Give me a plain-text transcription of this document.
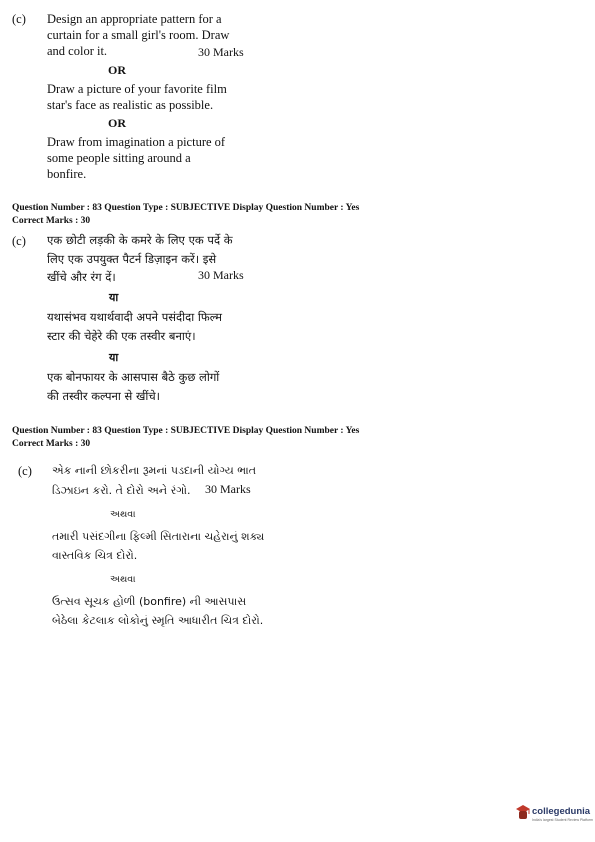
(c) Design an appropriate pattern for a
curtain for a small girl's room. Draw
and color it.	30 Marks
OR
Draw a picture of your favorite film
star's face as realistic as possible.
OR
Draw from imagination a picture of
some people sitting around a
bonfire.
Question Number : 83 Question Type : SUBJECTIVE Display Question Number : Yes
Correct Marks : 30
(c) एक छोटी लड़की के कमरे के लिए एक पर्दे के
लिए एक उपयुक्त पैटर्न डिज़ाइन करें। इसे
खींचे और रंग दें।	30 Marks
या
यथासंभव यथार्थवादी अपने पसंदीदा फिल्म
स्टार की चेहेरे की एक तस्वीर बनाएं।
या
एक बोनफायर के आसपास बैठे कुछ लोगों
की तस्वीर कल्पना से खींचे।
Question Number : 83 Question Type : SUBJECTIVE Display Question Number : Yes
Correct Marks : 30
(c) એક નાની છોકરીના રૂમનાં પડદાની યોગ્ય ભાત
ડિઝાઇન કરો. તે દોરો અને રંગો. 30 Marks
અથવા
તમારી પસંદગીના ફિલ્મી સિતારાના ચહેરાનું શક્ય
વાસ્તવિક ચિત્ર દોરો.
અથવા
ઉત્સવ સૂચક હોળી (bonfire) ની આસપાસ
બેઠેલા કેટલાક લોકોનું સ્મૃતિ આધારીત ચિત્ર દોરો.
collegedunia
India's largest Student Review Platform
